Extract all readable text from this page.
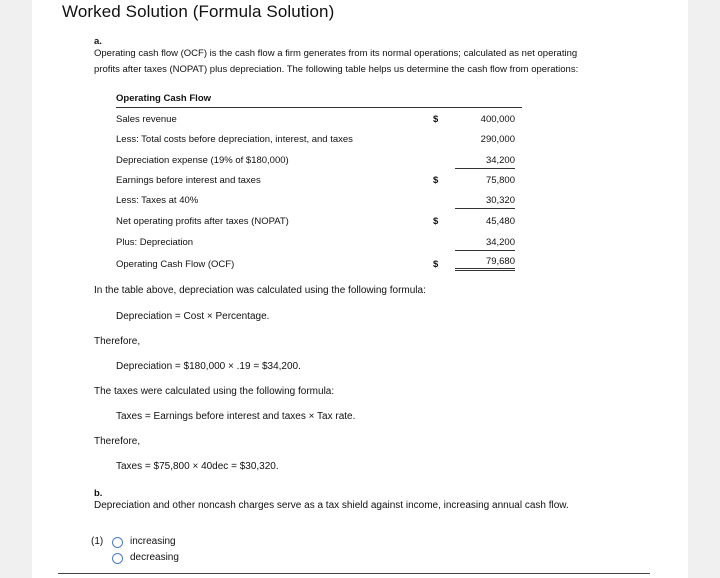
Worked Solution (Formula Solution)
a.
Operating cash flow (OCF) is the cash flow a firm generates from its normal operations; calculated as net operating
profits after taxes (NOPAT) plus depreciation. The following table helps us determine the cash flow from operations:
Operating Cash Flow
Sales revenue	$	400,000
Less: Total costs before depreciation, interest, and taxes	290,000
Depreciation expense (19% of $180,000)	34,200
Earnings before interest and taxes	$	75,800
Less: Taxes at 40%	30,320
Net operating profits after taxes (NOPAT)	$	45,480
Plus: Depreciation	34,200
Operating Cash Flow (OCF)	$	79,680
In the table above, depreciation was calculated using the following formula:
Depreciation = Cost × Percentage.
Therefore,
Depreciation = $180,000 × .19 = $34,200.
The taxes were calculated using the following formula:
Taxes = Earnings before interest and taxes × Tax rate.
Therefore,
Taxes = $75,800 × 40dec = $30,320.
b.
Depreciation and other noncash charges serve as a tax shield against income, increasing annual cash flow.
(1)	increasing
decreasing
